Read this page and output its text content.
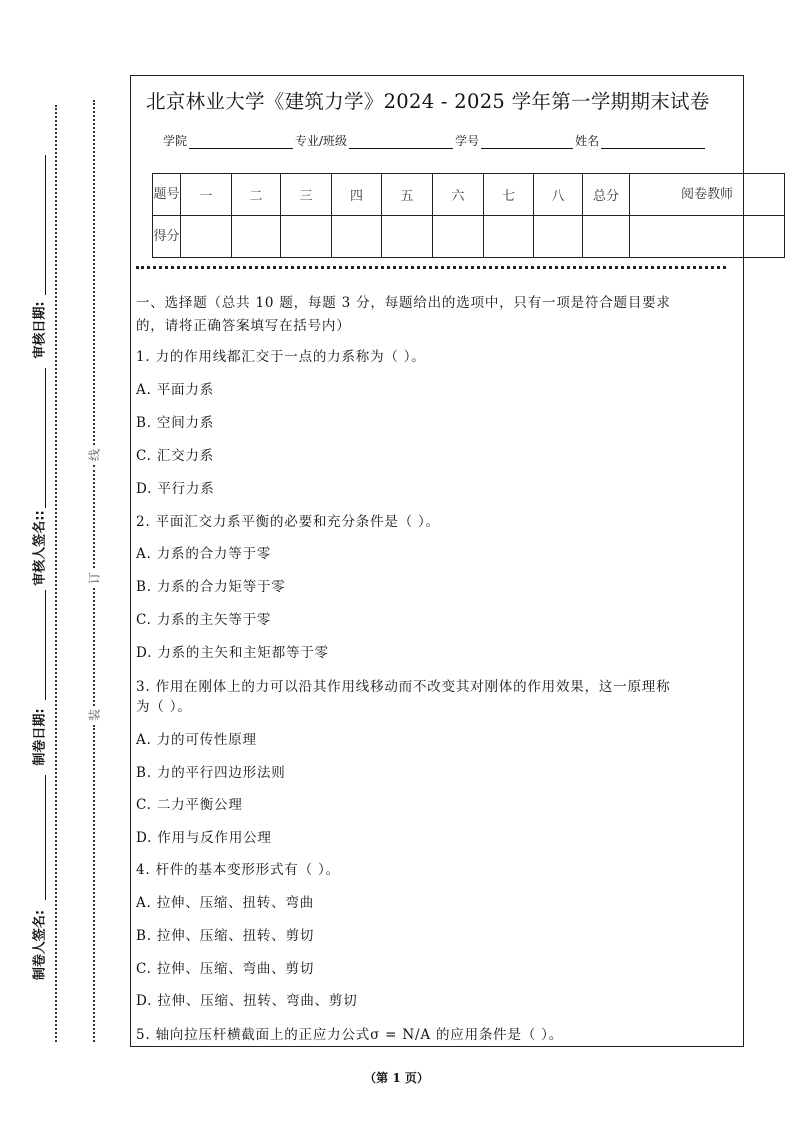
审核日期:
审核人签名::
制卷日期:
制卷人签名:
线
订
装
北京林业大学《建筑力学》2024 - 2025 学年第一学期期末试卷
学院	专业/班级	学号	姓名
题号	一	二	三	四	五	六	七	八	总分	阅卷教师
得分										
一、选择题（总共 10 题，每题 3 分，每题给出的选项中，只有一项是符合题目要求
的，请将正确答案填写在括号内）
1. 力的作用线都汇交于一点的力系称为（ ）。
A. 平面力系
B. 空间力系
C. 汇交力系
D. 平行力系
2. 平面汇交力系平衡的必要和充分条件是（ ）。
A. 力系的合力等于零
B. 力系的合力矩等于零
C. 力系的主矢等于零
D. 力系的主矢和主矩都等于零
3. 作用在刚体上的力可以沿其作用线移动而不改变其对刚体的作用效果，这一原理称
为（ ）。
A. 力的可传性原理
B. 力的平行四边形法则
C. 二力平衡公理
D. 作用与反作用公理
4. 杆件的基本变形形式有（ ）。
A. 拉伸、压缩、扭转、弯曲
B. 拉伸、压缩、扭转、剪切
C. 拉伸、压缩、弯曲、剪切
D. 拉伸、压缩、扭转、弯曲、剪切
5. 轴向拉压杆横截面上的正应力公式σ = N/A 的应用条件是（ ）。
（第 1 页）
